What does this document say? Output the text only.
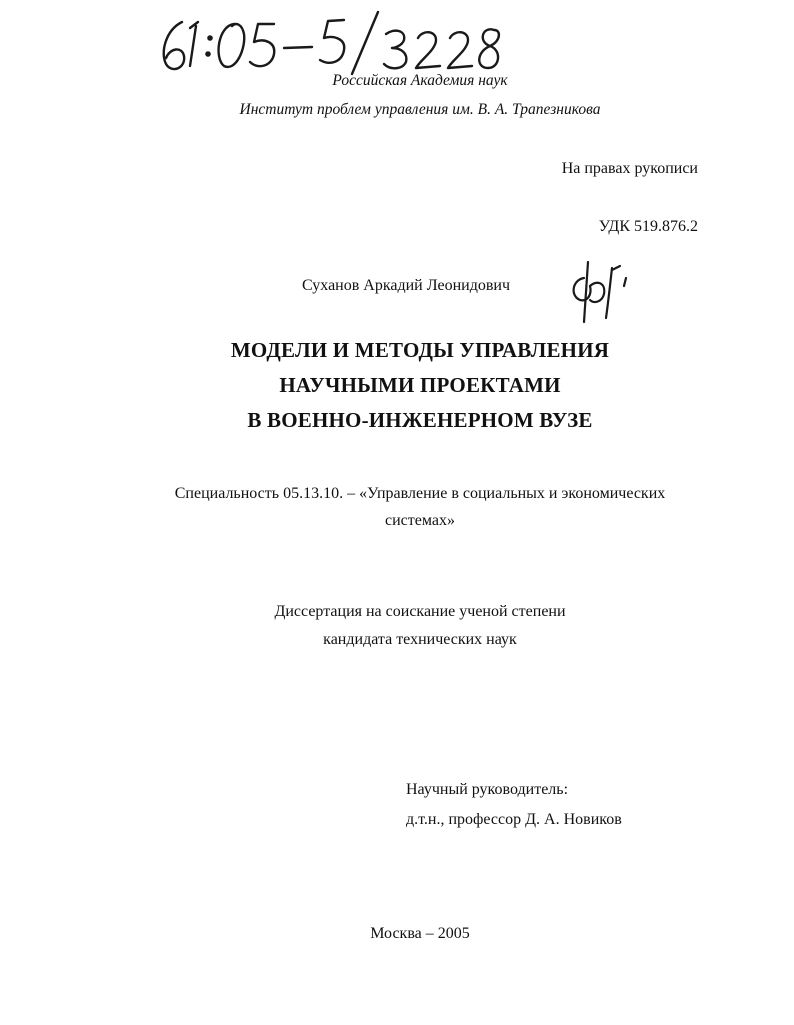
Российская Академия наук
Институт проблем управления им. В. А. Трапезникова
На правах рукописи
УДК 519.876.2
Суханов Аркадий Леонидович
МОДЕЛИ И МЕТОДЫ УПРАВЛЕНИЯ
НАУЧНЫМИ ПРОЕКТАМИ
В ВОЕННО-ИНЖЕНЕРНОМ ВУЗЕ
Специальность 05.13.10. – «Управление в социальных и экономических
системах»
Диссертация на соискание ученой степени
кандидата технических наук
Научный руководитель:
д.т.н., профессор Д. А. Новиков
Москва – 2005
